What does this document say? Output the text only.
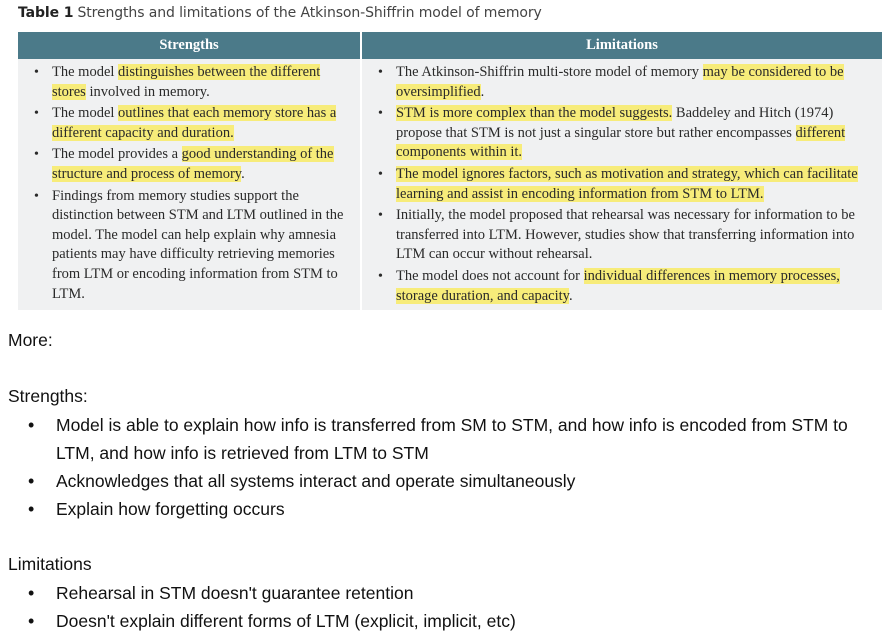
Table 1 Strengths and limitations of the Atkinson-Shiffrin model of memory
Strengths	Limitations
• The model distinguishes between the different stores involved in memory.
• The model outlines that each memory store has a different capacity and duration.
• The model provides a good understanding of the structure and process of memory.
• Findings from memory studies support the distinction between STM and LTM outlined in the model. The model can help explain why amnesia patients may have difficulty retrieving memories from LTM or encoding information from STM to LTM.
• The Atkinson-Shiffrin multi-store model of memory may be considered to be oversimplified.
• STM is more complex than the model suggests. Baddeley and Hitch (1974) propose that STM is not just a singular store but rather encompasses different components within it.
• The model ignores factors, such as motivation and strategy, which can facilitate learning and assist in encoding information from STM to LTM.
• Initially, the model proposed that rehearsal was necessary for information to be transferred into LTM. However, studies show that transferring information into LTM can occur without rehearsal.
• The model does not account for individual differences in memory processes, storage duration, and capacity.
More:
Strengths:
• Model is able to explain how info is transferred from SM to STM, and how info is encoded from STM to LTM, and how info is retrieved from LTM to STM
• Acknowledges that all systems interact and operate simultaneously
• Explain how forgetting occurs
Limitations
• Rehearsal in STM doesn't guarantee retention
• Doesn't explain different forms of LTM (explicit, implicit, etc)
